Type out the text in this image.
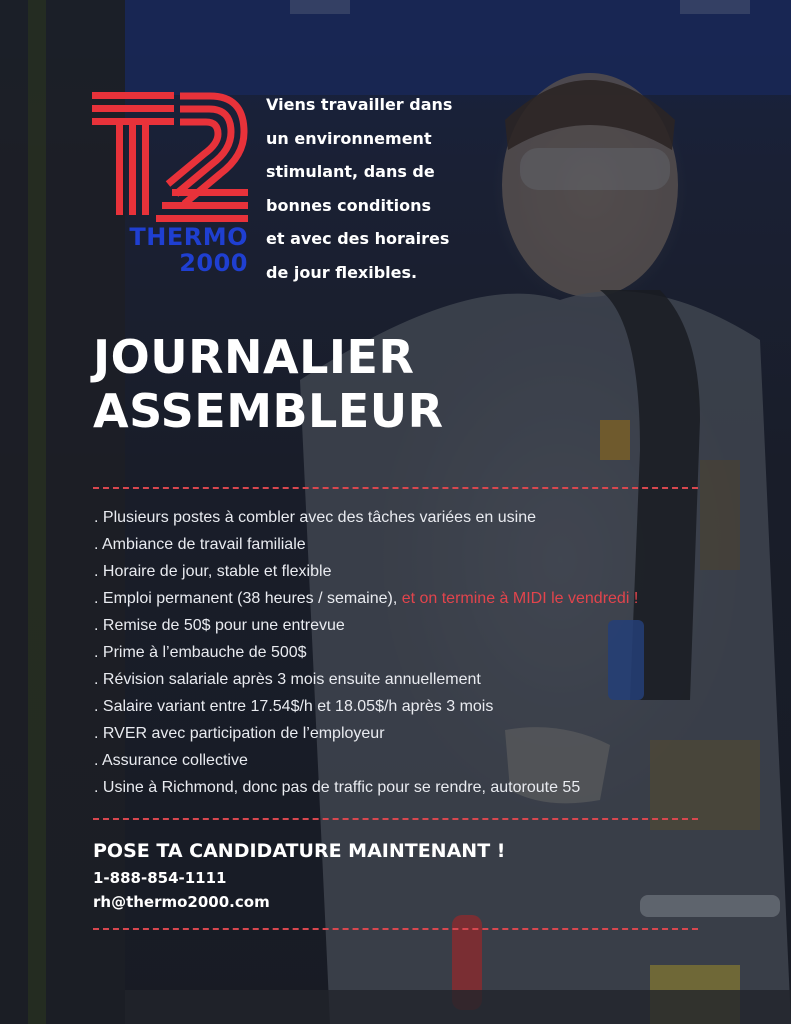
THERMO
2000
Viens travailler dans
un environnement
stimulant, dans de
bonnes conditions
et avec des horaires
de jour flexibles.
JOURNALIER
ASSEMBLEUR
. Plusieurs postes à combler avec des tâches variées en usine
. Ambiance de travail familiale
. Horaire de jour, stable et flexible
. Emploi permanent (38 heures / semaine), et on termine à MIDI le vendredi !
. Remise de 50$ pour une entrevue
. Prime à l’embauche de 500$
. Révision salariale après 3 mois ensuite annuellement
. Salaire variant entre 17.54$/h et 18.05$/h après 3 mois
. RVER avec participation de l’employeur
. Assurance collective
. Usine à Richmond, donc pas de traffic pour se rendre, autoroute 55
POSE TA CANDIDATURE MAINTENANT !
1-888-854-1111
rh@thermo2000.com
